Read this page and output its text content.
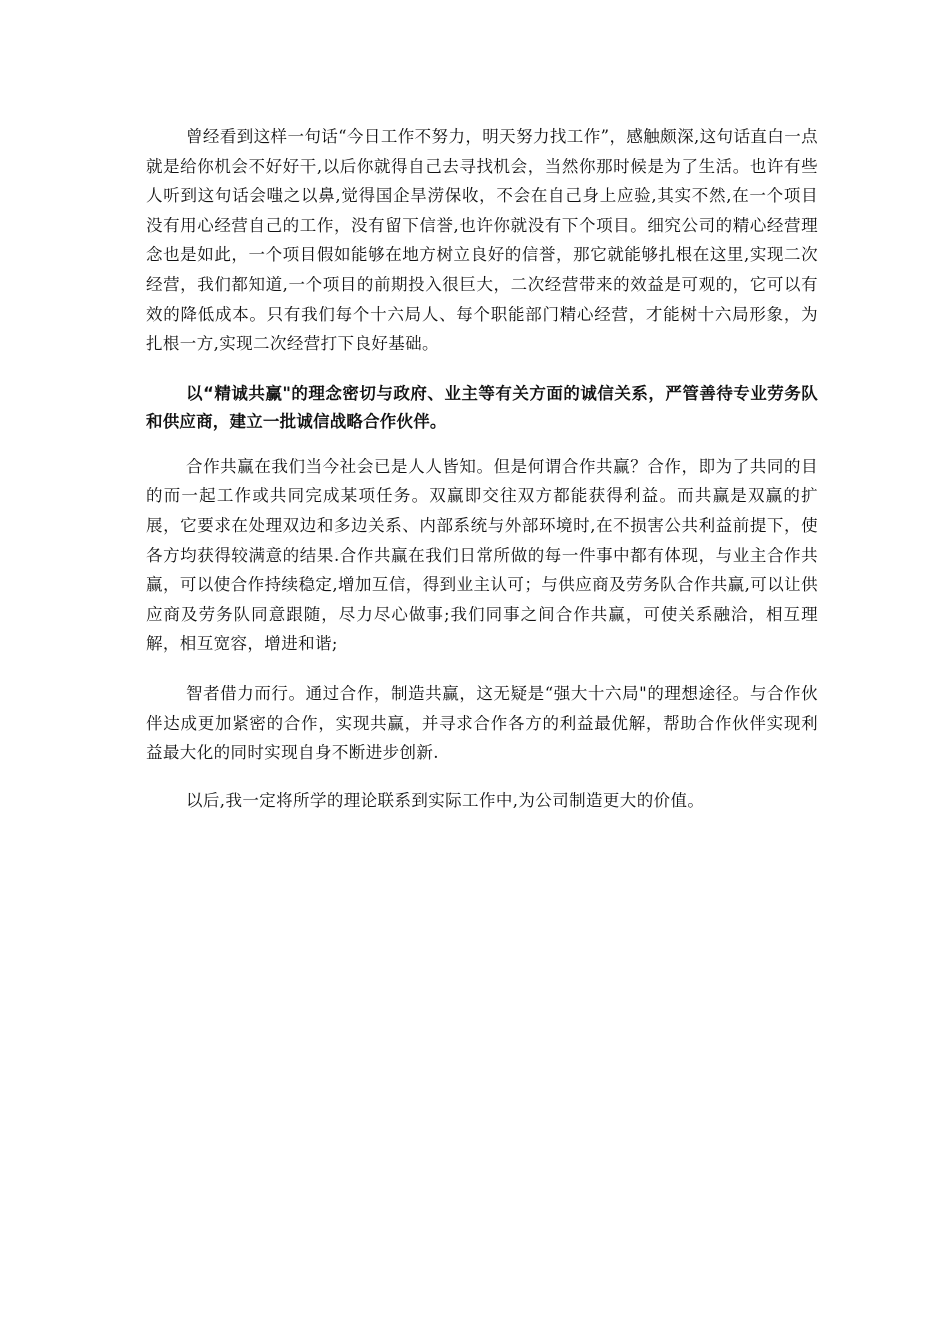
曾经看到这样一句话“今日工作不努力，明天努力找工作”，感触颇深,这句话直白一点就是给你机会不好好干,以后你就得自己去寻找机会，当然你那时候是为了生活。也许有些人听到这句话会嗤之以鼻,觉得国企旱涝保收，不会在自己身上应验,其实不然,在一个项目没有用心经营自己的工作，没有留下信誉,也许你就没有下个项目。细究公司的精心经营理念也是如此，一个项目假如能够在地方树立良好的信誉，那它就能够扎根在这里,实现二次经营，我们都知道,一个项目的前期投入很巨大，二次经营带来的效益是可观的，它可以有效的降低成本。只有我们每个十六局人、每个职能部门精心经营，才能树十六局形象，为扎根一方,实现二次经营打下良好基础。

以“精诚共赢"的理念密切与政府、业主等有关方面的诚信关系，严管善待专业劳务队和供应商，建立一批诚信战略合作伙伴。

合作共赢在我们当今社会已是人人皆知。但是何谓合作共赢？合作，即为了共同的目的而一起工作或共同完成某项任务。双赢即交往双方都能获得利益。而共赢是双赢的扩展，它要求在处理双边和多边关系、内部系统与外部环境时,在不损害公共利益前提下，使各方均获得较满意的结果.合作共赢在我们日常所做的每一件事中都有体现，与业主合作共赢，可以使合作持续稳定,增加互信，得到业主认可；与供应商及劳务队合作共赢,可以让供应商及劳务队同意跟随，尽力尽心做事;我们同事之间合作共赢，可使关系融洽，相互理解，相互宽容，增进和谐;

智者借力而行。通过合作，制造共赢，这无疑是“强大十六局"的理想途径。与合作伙伴达成更加紧密的合作，实现共赢，并寻求合作各方的利益最优解，帮助合作伙伴实现利益最大化的同时实现自身不断进步创新.

以后,我一定将所学的理论联系到实际工作中,为公司制造更大的价值。
